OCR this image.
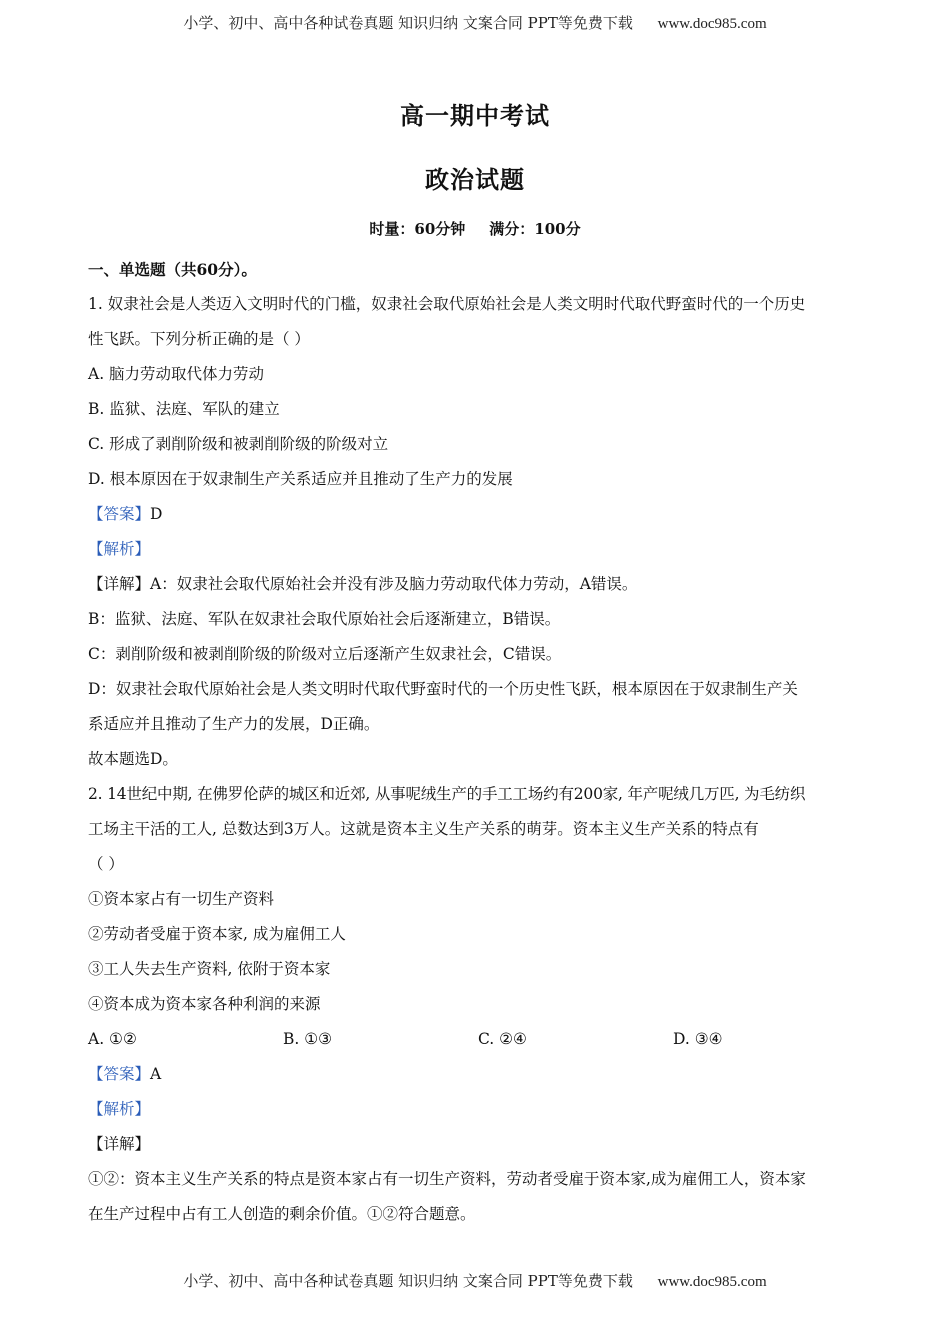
小学、初中、高中各种试卷真题 知识归纳 文案合同 PPT等免费下载 www.doc985.com
高一期中考试
政治试题
时量：60分钟 满分：100分
一、单选题（共60分）。
1. 奴隶社会是人类迈入文明时代的门槛，奴隶社会取代原始社会是人类文明时代取代野蛮时代的一个历史
性飞跃。下列分析正确的是（ ）
A. 脑力劳动取代体力劳动
B. 监狱、法庭、军队的建立
C. 形成了剥削阶级和被剥削阶级的阶级对立
D. 根本原因在于奴隶制生产关系适应并且推动了生产力的发展
【答案】D
【解析】
【详解】A：奴隶社会取代原始社会并没有涉及脑力劳动取代体力劳动，A错误。
B：监狱、法庭、军队在奴隶社会取代原始社会后逐渐建立，B错误。
C：剥削阶级和被剥削阶级的阶级对立后逐渐产生奴隶社会，C错误。
D：奴隶社会取代原始社会是人类文明时代取代野蛮时代的一个历史性飞跃，根本原因在于奴隶制生产关
系适应并且推动了生产力的发展，D正确。
故本题选D。
2. 14世纪中期, 在佛罗伦萨的城区和近郊, 从事呢绒生产的手工工场约有200家, 年产呢绒几万匹, 为毛纺织
工场主干活的工人, 总数达到3万人。这就是资本主义生产关系的萌芽。资本主义生产关系的特点有
（ ）
①资本家占有一切生产资料
②劳动者受雇于资本家, 成为雇佣工人
③工人失去生产资料, 依附于资本家
④资本成为资本家各种利润的来源
A. ①②	B. ①③	C. ②④	D. ③④
【答案】A
【解析】
【详解】
①②：资本主义生产关系的特点是资本家占有一切生产资料，劳动者受雇于资本家,成为雇佣工人，资本家
在生产过程中占有工人创造的剩余价值。①②符合题意。
小学、初中、高中各种试卷真题 知识归纳 文案合同 PPT等免费下载 www.doc985.com
